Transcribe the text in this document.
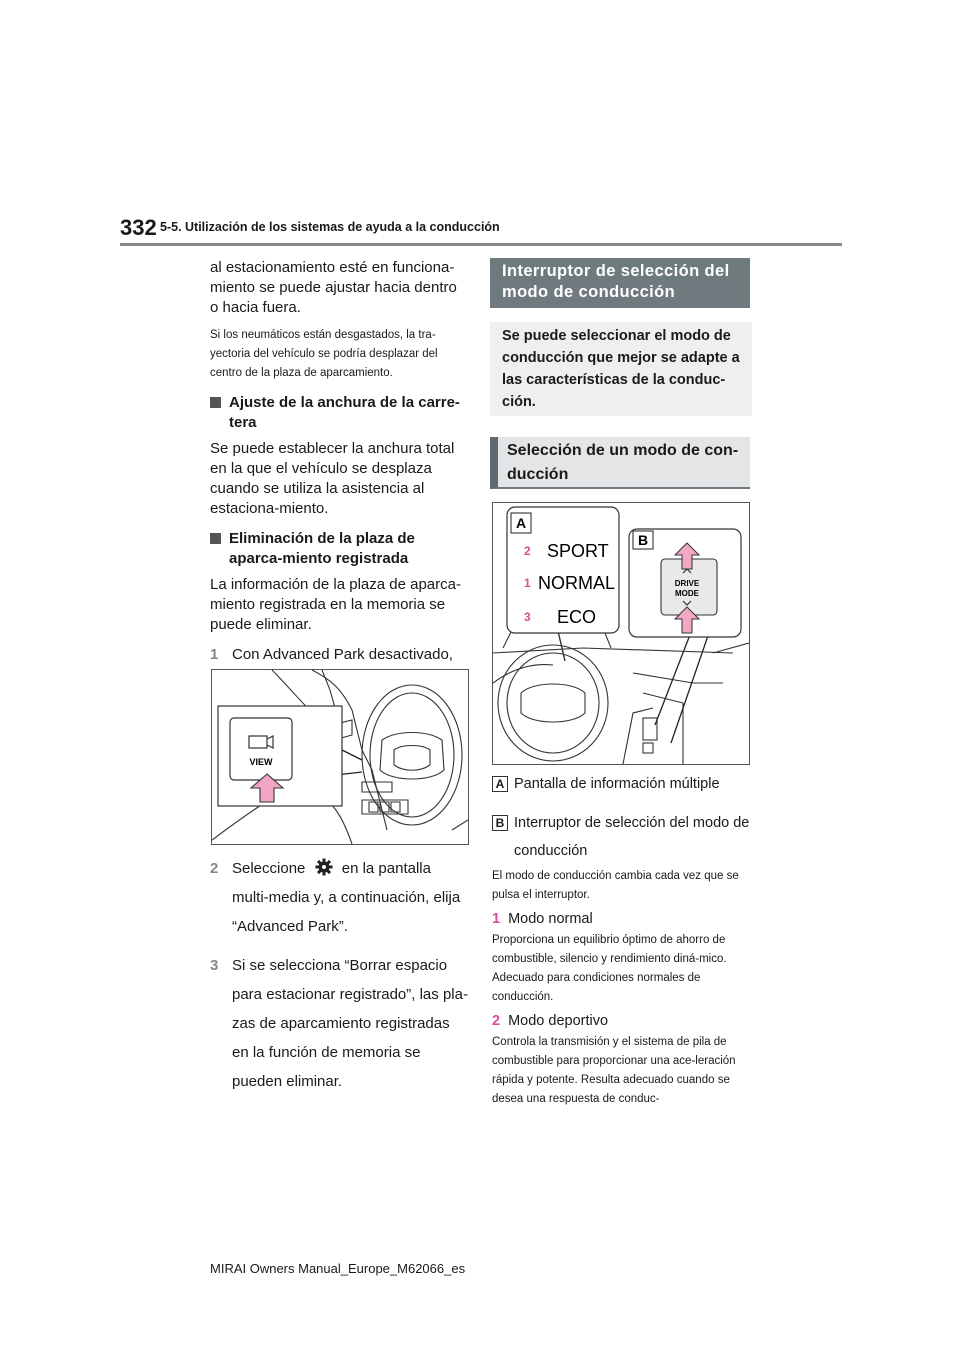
332 5-5. Utilización de los sistemas de ayuda a la conducción

al estacionamiento esté en funciona-miento se puede ajustar hacia dentro o hacia fuera.

Si los neumáticos están desgastados, la tra-yectoria del vehículo se podría desplazar del centro de la plaza de aparcamiento.

Ajuste de la anchura de la carre-tera

Se puede establecer la anchura total en la que el vehículo se desplaza cuando se utiliza la asistencia al estaciona-miento.

Eliminación de la plaza de aparca-miento registrada

La información de la plaza de aparca-miento registrada en la memoria se puede eliminar.

1 Con Advanced Park desactivado,

VIEW

2 Seleccione en la pantalla multi-media y, a continuación, elija “Advanced Park”.

3 Si se selecciona “Borrar espacio para estacionar registrado”, las pla-zas de aparcamiento registradas en la función de memoria se pueden eliminar.

Interruptor de selección del modo de conducción
Se puede seleccionar el modo de conducción que mejor se adapte a las características de la conduc-ción.
Selección de un modo de con-ducción
A
2 SPORT
1 NORMAL
3 ECO
B
DRIVE
MODE
A Pantalla de información múltiple
B Interruptor de selección del modo de conducción
El modo de conducción cambia cada vez que se pulsa el interruptor.
1 Modo normal
Proporciona un equilibrio óptimo de ahorro de combustible, silencio y rendimiento diná-mico. Adecuado para condiciones normales de conducción.
2 Modo deportivo
Controla la transmisión y el sistema de pila de combustible para proporcionar una ace-leración rápida y potente. Resulta adecuado cuando se desea una respuesta de conduc-
MIRAI Owners Manual_Europe_M62066_es
